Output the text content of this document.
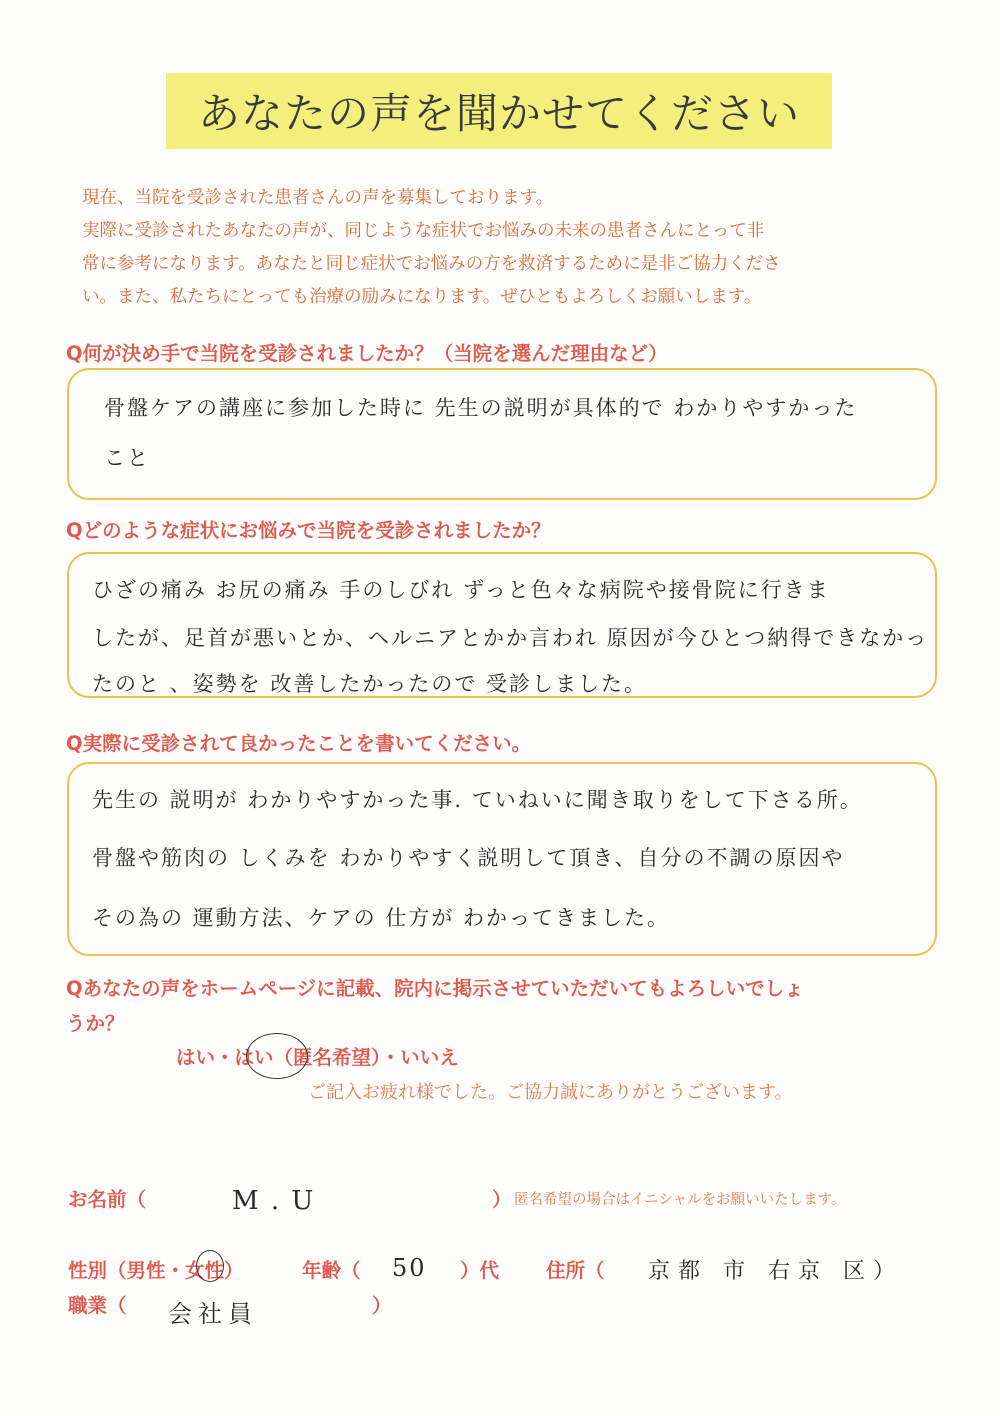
あなたの声を聞かせてください
現在、当院を受診された患者さんの声を募集しております。
実際に受診されたあなたの声が、同じような症状でお悩みの未来の患者さんにとって非
常に参考になります。あなたと同じ症状でお悩みの方を救済するために是非ご協力くださ
い。また、私たちにとっても治療の励みになります。ぜひともよろしくお願いします。
Q何が決め手で当院を受診されましたか？（当院を選んだ理由など）
骨盤ケアの講座に参加した時に 先生の説明が具体的で わかりやすかった
こと
Qどのような症状にお悩みで当院を受診されましたか？
ひざの痛み お尻の痛み 手のしびれ ずっと色々な病院や接骨院に行きま
したが、足首が悪いとか、ヘルニアとかか言われ 原因が今ひとつ納得できなかっ
たのと 、姿勢を 改善したかったので 受診しました。
Q実際に受診されて良かったことを書いてください。
先生の 説明が わかりやすかった事. ていねいに聞き取りをして下さる所。
骨盤や筋肉の しくみを わかりやすく説明して頂き、自分の不調の原因や
その為の 運動方法、ケアの 仕方が わかってきました。
Qあなたの声をホームページに記載、院内に掲示させていただいてもよろしいでしょ
うか？
はい・はい（匿名希望）・いいえ
ご記入お疲れ様でした。ご協力誠にありがとうございます。
お名前（	M . U	） 匿名希望の場合はイニシャルをお願いいたします。
性別（男性・女性）	年齢（ 50 ）代 住所（ 京都 市 右京 区）
職業（ 会社員	）
